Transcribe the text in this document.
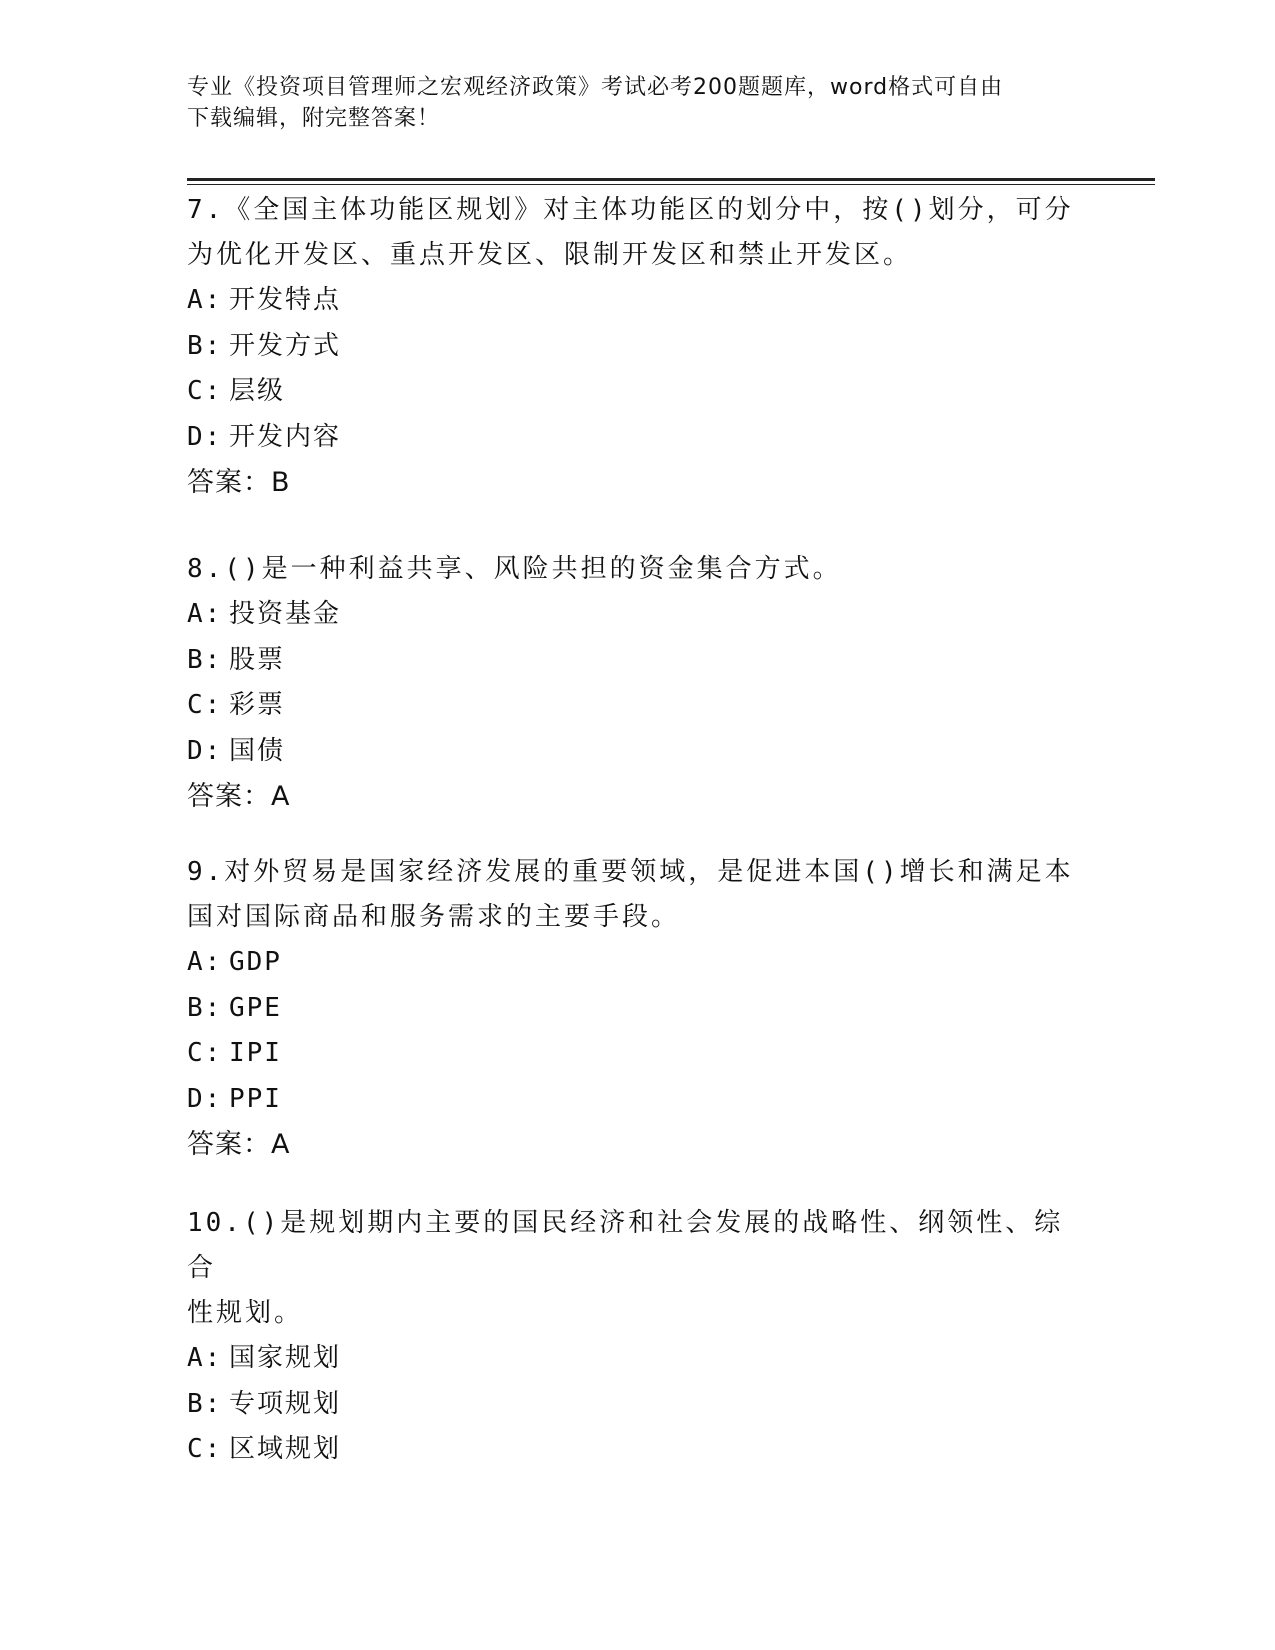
专业《投资项目管理师之宏观经济政策》考试必考200题题库，word格式可自由
下载编辑，附完整答案！
7.《全国主体功能区规划》对主体功能区的划分中，按()划分，可分
为优化开发区、重点开发区、限制开发区和禁止开发区。
A: 开发特点
B: 开发方式
C: 层级
D: 开发内容
答案：B
8.()是一种利益共享、风险共担的资金集合方式。
A: 投资基金
B: 股票
C: 彩票
D: 国债
答案：A
9.对外贸易是国家经济发展的重要领域，是促进本国()增长和满足本
国对国际商品和服务需求的主要手段。
A: GDP
B: GPE
C: IPI
D: PPI
答案：A
10.()是规划期内主要的国民经济和社会发展的战略性、纲领性、综合
性规划。
A: 国家规划
B: 专项规划
C: 区域规划
